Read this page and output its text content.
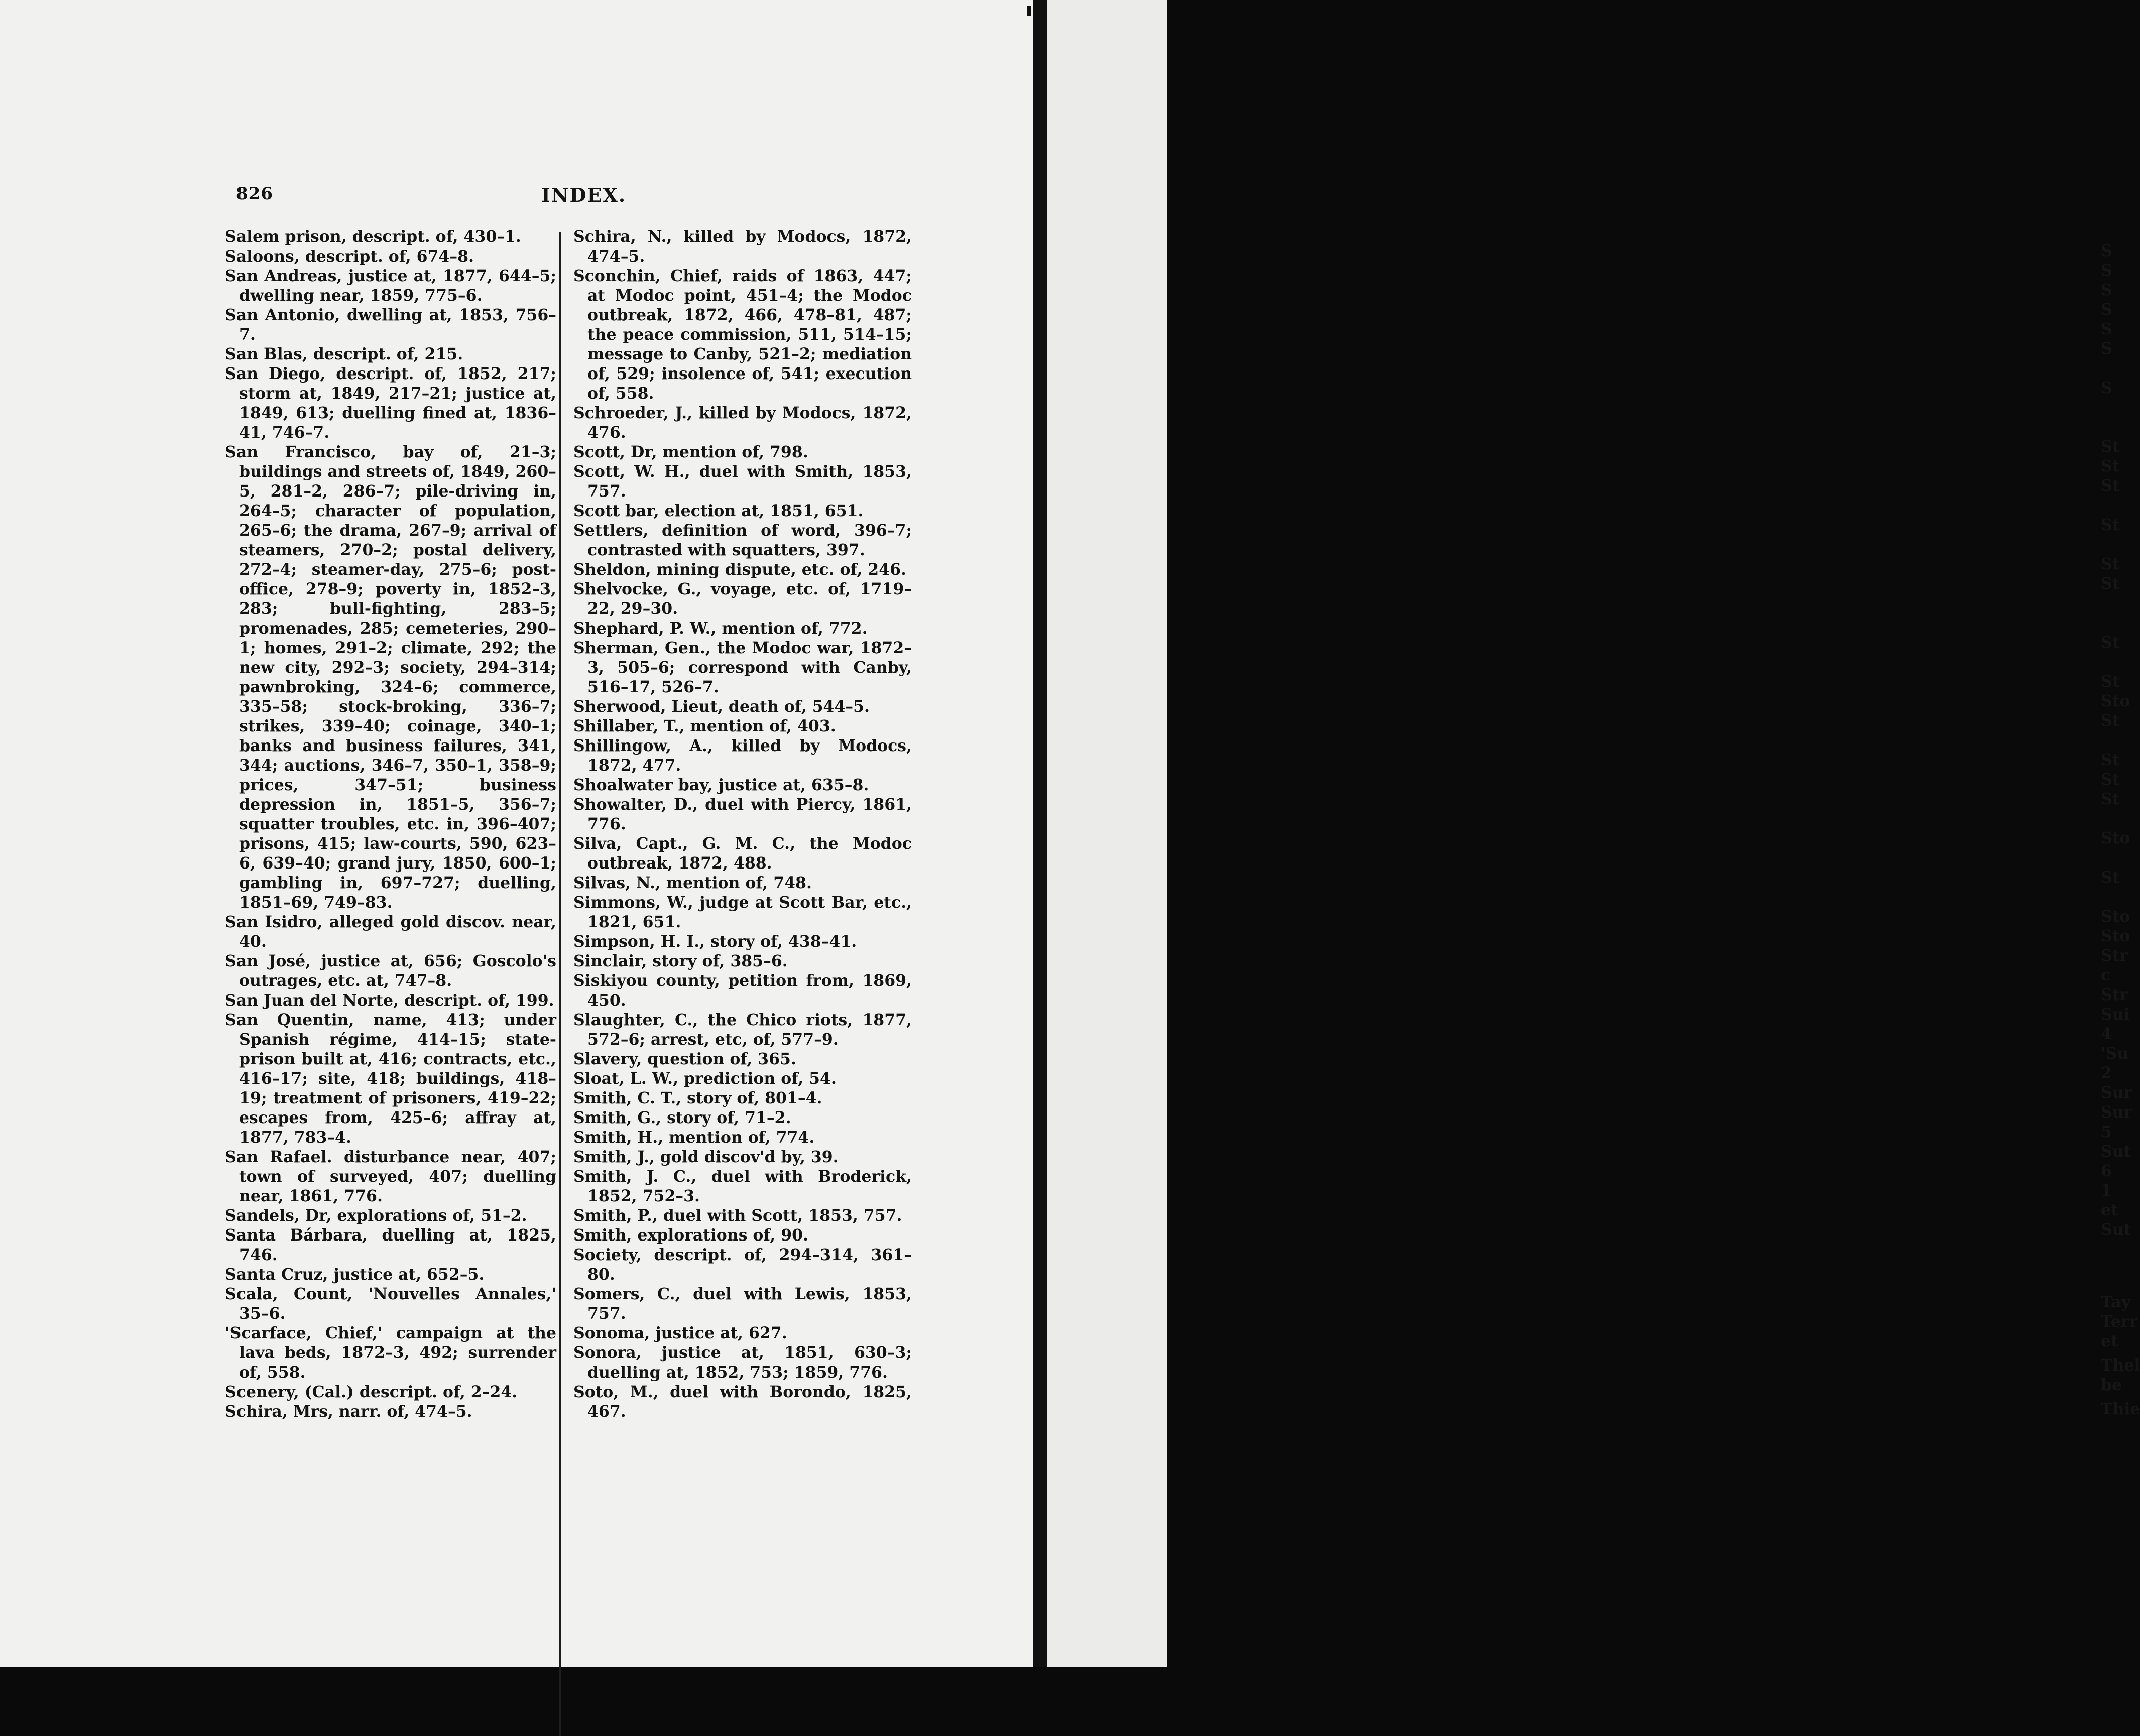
826	INDEX.

Salem prison, descript. of, 430–1.

Saloons, descript. of, 674–8.

San Andreas, justice at, 1877, 644–5; dwelling near, 1859, 775–6.

San Antonio, dwelling at, 1853, 756–7.

San Blas, descript. of, 215.

San Diego, descript. of, 1852, 217; storm at, 1849, 217–21; justice at, 1849, 613; duelling fined at, 1836–41, 746–7.

San Francisco, bay of, 21–3; buildings and streets of, 1849, 260–5, 281–2, 286–7; pile-driving in, 264–5; character of population, 265–6; the drama, 267–9; arrival of steamers, 270–2; postal delivery, 272–4; steamer-day, 275–6; post-office, 278–9; poverty in, 1852–3, 283; bull-fighting, 283–5; promenades, 285; cemeteries, 290–1; homes, 291–2; climate, 292; the new city, 292–3; society, 294–314; pawnbroking, 324–6; commerce, 335–58; stock-broking, 336–7; strikes, 339–40; coinage, 340–1; banks and business failures, 341, 344; auctions, 346–7, 350–1, 358–9; prices, 347–51; business depression in, 1851–5, 356–7; squatter troubles, etc. in, 396–407; prisons, 415; law-courts, 590, 623–6, 639–40; grand jury, 1850, 600–1; gambling in, 697–727; duelling, 1851–69, 749–83.

San Isidro, alleged gold discov. near, 40.

San José, justice at, 656; Goscolo's outrages, etc. at, 747–8.

San Juan del Norte, descript. of, 199.

San Quentin, name, 413; under Spanish régime, 414–15; state-prison built at, 416; contracts, etc., 416–17; site, 418; buildings, 418–19; treatment of prisoners, 419–22; escapes from, 425–6; affray at, 1877, 783–4.

San Rafael. disturbance near, 407; town of surveyed, 407; duelling near, 1861, 776.

Sandels, Dr, explorations of, 51–2.

Santa Bárbara, duelling at, 1825, 746.

Santa Cruz, justice at, 652–5.

Scala, Count, 'Nouvelles Annales,' 35–6.

'Scarface, Chief,' campaign at the lava beds, 1872–3, 492; surrender of, 558.

Scenery, (Cal.) descript. of, 2–24.

Schira, Mrs, narr. of, 474–5.

Schira, N., killed by Modocs, 1872, 474–5.

Sconchin, Chief, raids of 1863, 447; at Modoc point, 451–4; the Modoc outbreak, 1872, 466, 478–81, 487; the peace commission, 511, 514–15; message to Canby, 521–2; mediation of, 529; insolence of, 541; execution of, 558.

Schroeder, J., killed by Modocs, 1872, 476.

Scott, Dr, mention of, 798.

Scott, W. H., duel with Smith, 1853, 757.

Scott bar, election at, 1851, 651.

Settlers, definition of word, 396–7; contrasted with squatters, 397.

Sheldon, mining dispute, etc. of, 246.

Shelvocke, G., voyage, etc. of, 1719–22, 29–30.

Shephard, P. W., mention of, 772.

Sherman, Gen., the Modoc war, 1872–3, 505–6; correspond with Canby, 516–17, 526–7.

Sherwood, Lieut, death of, 544–5.

Shillaber, T., mention of, 403.

Shillingow, A., killed by Modocs, 1872, 477.

Shoalwater bay, justice at, 635–8.

Showalter, D., duel with Piercy, 1861, 776.

Silva, Capt., G. M. C., the Modoc outbreak, 1872, 488.

Silvas, N., mention of, 748.

Simmons, W., judge at Scott Bar, etc., 1821, 651.

Simpson, H. I., story of, 438–41.

Sinclair, story of, 385–6.

Siskiyou county, petition from, 1869, 450.

Slaughter, C., the Chico riots, 1877, 572–6; arrest, etc, of, 577–9.

Slavery, question of, 365.

Sloat, L. W., prediction of, 54.

Smith, C. T., story of, 801–4.

Smith, G., story of, 71–2.

Smith, H., mention of, 774.

Smith, J., gold discov'd by, 39.

Smith, J. C., duel with Broderick, 1852, 752–3.

Smith, P., duel with Scott, 1853, 757.

Smith, explorations of, 90.

Society, descript. of, 294–314, 361–80.

Somers, C., duel with Lewis, 1853, 757.

Sonoma, justice at, 627.

Sonora, justice at, 1851, 630–3; duelling at, 1852, 753; 1859, 776.

Soto, M., duel with Borondo, 1825, 467.

S
S
S
S
S
S
S
St
St
St
St
St
St
St
St
Sto
St
St
St
St
Sto
St
Sto
Sto
Str
c
Str
Sui
4
'Su
2
Sur
Sur
5
Sut
6
1
et
Sut
Tay
Terr
et
Thel
be
Thie
